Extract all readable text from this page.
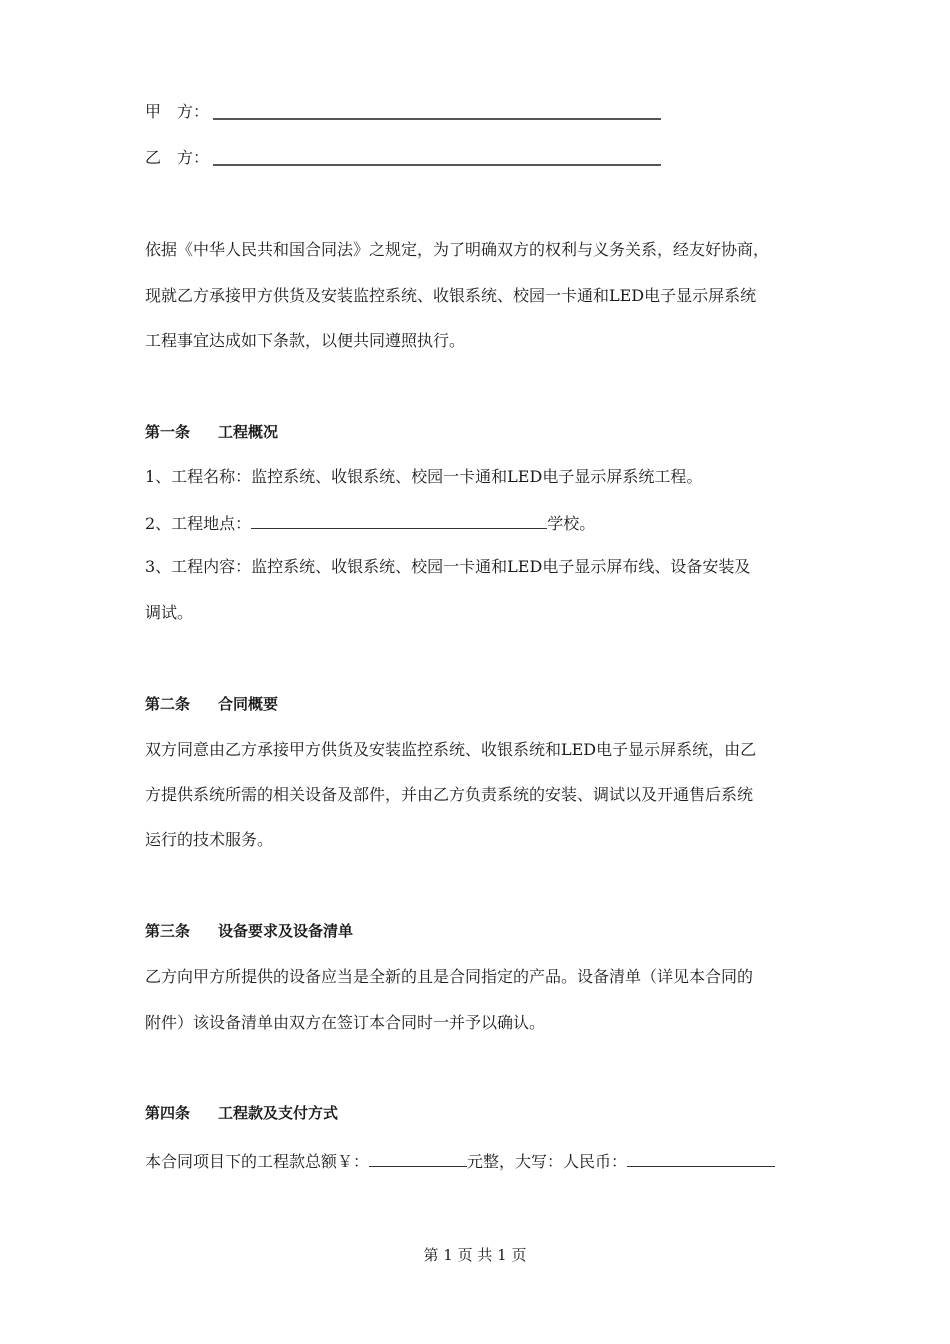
甲　方：
乙　方：
依据《中华人民共和国合同法》之规定，为了明确双方的权利与义务关系，经友好协商，
现就乙方承接甲方供货及安装监控系统、收银系统、校园一卡通和LED电子显示屏系统
工程事宜达成如下条款，以便共同遵照执行。
第一条 工程概况
1、工程名称：监控系统、收银系统、校园一卡通和LED电子显示屏系统工程。
2、工程地点：	学校。
3、工程内容：监控系统、收银系统、校园一卡通和LED电子显示屏布线、设备安装及
调试。
第二条 合同概要
双方同意由乙方承接甲方供货及安装监控系统、收银系统和LED电子显示屏系统，由乙
方提供系统所需的相关设备及部件，并由乙方负责系统的安装、调试以及开通售后系统
运行的技术服务。
第三条 设备要求及设备清单
乙方向甲方所提供的设备应当是全新的且是合同指定的产品。设备清单（详见本合同的
附件）该设备清单由双方在签订本合同时一并予以确认。
第四条 工程款及支付方式
本合同项目下的工程款总额￥：	元整，大写：人民币：
第 1 页 共 1 页
